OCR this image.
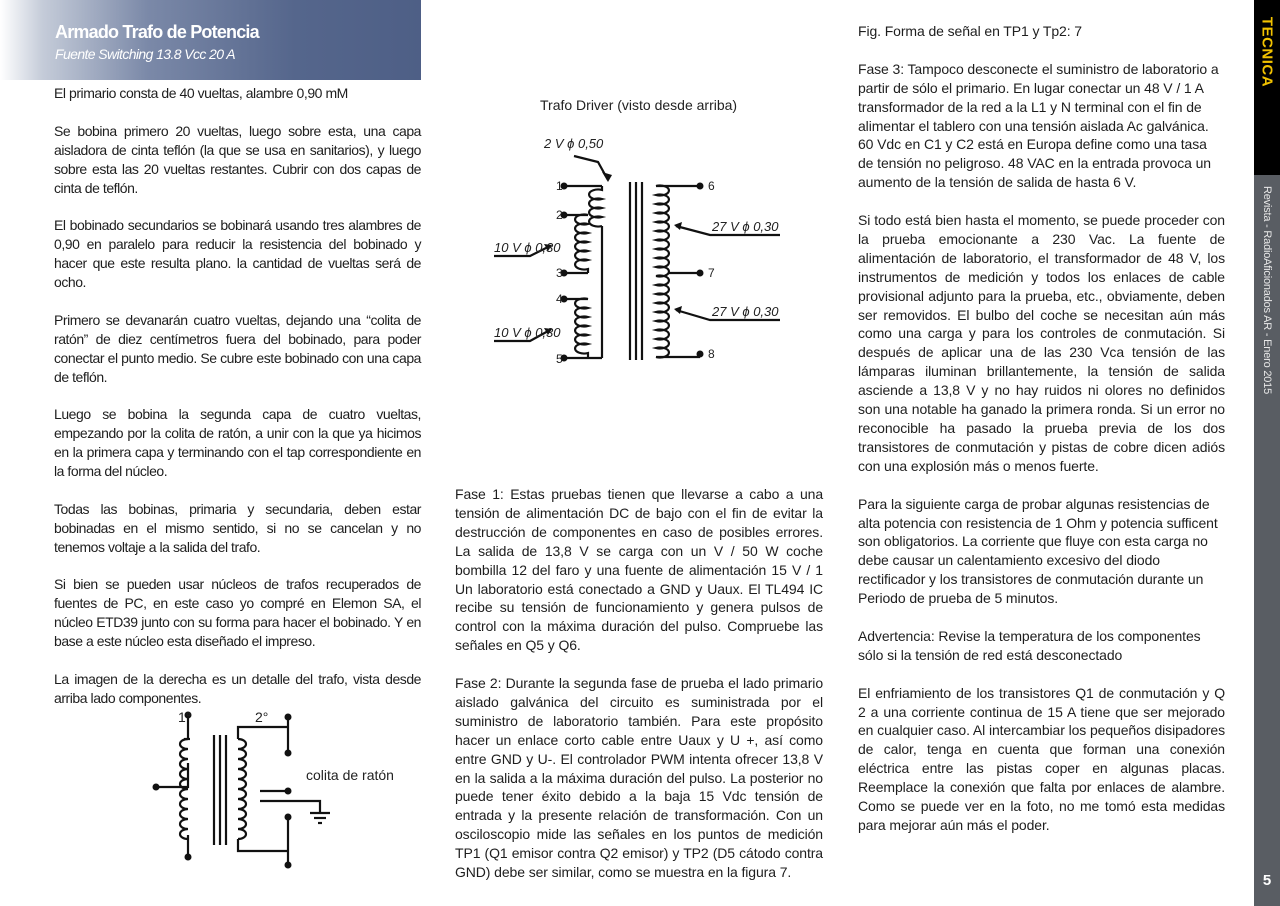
Armado Trafo de Potencia
Fuente Switching 13.8 Vcc 20 A

El primario consta de 40 vueltas, alambre 0,90 mM

Se bobina primero 20 vueltas, luego sobre esta, una capa aisladora de cinta teflón (la que se usa en sanitarios), y luego sobre esta las 20 vueltas restantes. Cubrir con dos capas de cinta de teflón.

El bobinado secundarios se bobinará usando tres alambres de 0,90 en paralelo para reducir la resistencia del bobinado y hacer que este resulta plano. la cantidad de vueltas será de ocho.

Primero se devanarán cuatro vueltas, dejando una “colita de ratón” de diez centímetros fuera del bobinado, para poder conectar el punto medio. Se cubre este bobinado con una capa de teflón.

Luego se bobina la segunda capa de cuatro vueltas, empezando por la colita de ratón, a unir con la que ya hicimos en la primera capa y terminando con el tap correspondiente en la forma del núcleo.

Todas las bobinas, primaria y secundaria, deben estar bobinadas en el mismo sentido, si no se cancelan y no tenemos voltaje a la salida del trafo.

Si bien se pueden usar núcleos de trafos recuperados de fuentes de PC, en este caso yo compré en Elemon SA, el núcleo ETD39 junto con su forma para hacer el bobinado. Y en base a este núcleo esta diseñado el impreso.

La imagen de la derecha es un detalle del trafo, vista desde arriba lado componentes.

1°	2°
colita de ratón
Trafo Driver (visto desde arriba)
1
2
3
4
5
6
7
8
2 V ϕ 0,50
10 V ϕ 0,30
10 V ϕ 0,30
27 V ϕ 0,30
27 V ϕ 0,30

Fase 1: Estas pruebas tienen que llevarse a cabo a una tensión de alimentación DC de bajo con el fin de evitar la destrucción de componentes en caso de posibles errores. La salida de 13,8 V se carga con un V / 50 W coche bombilla 12 del faro y una fuente de alimentación 15 V / 1 Un laboratorio está conectado a GND y Uaux. El TL494 IC recibe su tensión de funcionamiento y genera pulsos de control con la máxima duración del pulso. Compruebe las señales en Q5 y Q6.

Fase 2: Durante la segunda fase de prueba el lado primario aislado galvánica del circuito es suministrada por el suministro de laboratorio también. Para este propósito hacer un enlace corto cable entre Uaux y U +, así como entre GND y U-. El controlador PWM intenta ofrecer 13,8 V en la salida a la máxima duración del pulso. La posterior no puede tener éxito debido a la baja 15 Vdc tensión de entrada y la presente relación de transformación. Con un osciloscopio mide las señales en los puntos de medición TP1 (Q1 emisor contra Q2 emisor) y TP2 (D5 cátodo contra GND) debe ser similar, como se muestra en la figura 7.

Fig. Forma de señal en TP1 y Tp2: 7

Fase 3: Tampoco desconecte el suministro de laboratorio a partir de sólo el primario. En lugar conectar un 48 V / 1 A transformador de la red a la L1 y N terminal con el fin de alimentar el tablero con una tensión aislada Ac galvánica. 60 Vdc en C1 y C2 está en Europa define como una tasa de tensión no peligroso. 48 VAC en la entrada provoca un aumento de la tensión de salida de hasta 6 V.

Si todo está bien hasta el momento, se puede proceder con la prueba emocionante a 230 Vac. La fuente de alimentación de laboratorio, el transformador de 48 V, los instrumentos de medición y todos los enlaces de cable provisional adjunto para la prueba, etc., obviamente, deben ser removidos. El bulbo del coche se necesitan aún más como una carga y para los controles de conmutación. Si después de aplicar una de las 230 Vca tensión de las lámparas iluminan brillantemente, la tensión de salida asciende a 13,8 V y no hay ruidos ni olores no definidos son una notable ha ganado la primera ronda. Si un error no reconocible ha pasado la prueba previa de los dos transistores de conmutación y pistas de cobre dicen adiós con una explosión más o menos fuerte.

Para la siguiente carga de probar algunas resistencias de alta potencia con resistencia de 1 Ohm y potencia sufficent son obligatorios. La corriente que fluye con esta carga no debe causar un calentamiento excesivo del diodo rectificador y los transistores de conmutación durante un Periodo de prueba de 5 minutos.

Advertencia: Revise la temperatura de los componentes sólo si la tensión de red está desconectado

El enfriamiento de los transistores Q1 de conmutación y Q 2 a una corriente continua de 15 A tiene que ser mejorado en cualquier caso. Al intercambiar los pequeños disipadores de calor, tenga en cuenta que forman una conexión eléctrica entre las pistas coper en algunas placas. Reemplace la conexión que falta por enlaces de alambre. Como se puede ver en la foto, no me tomó esta medidas para mejorar aún más el poder.

TECNICA
Revista - RadioAficionados AR - Enero 2015
5
